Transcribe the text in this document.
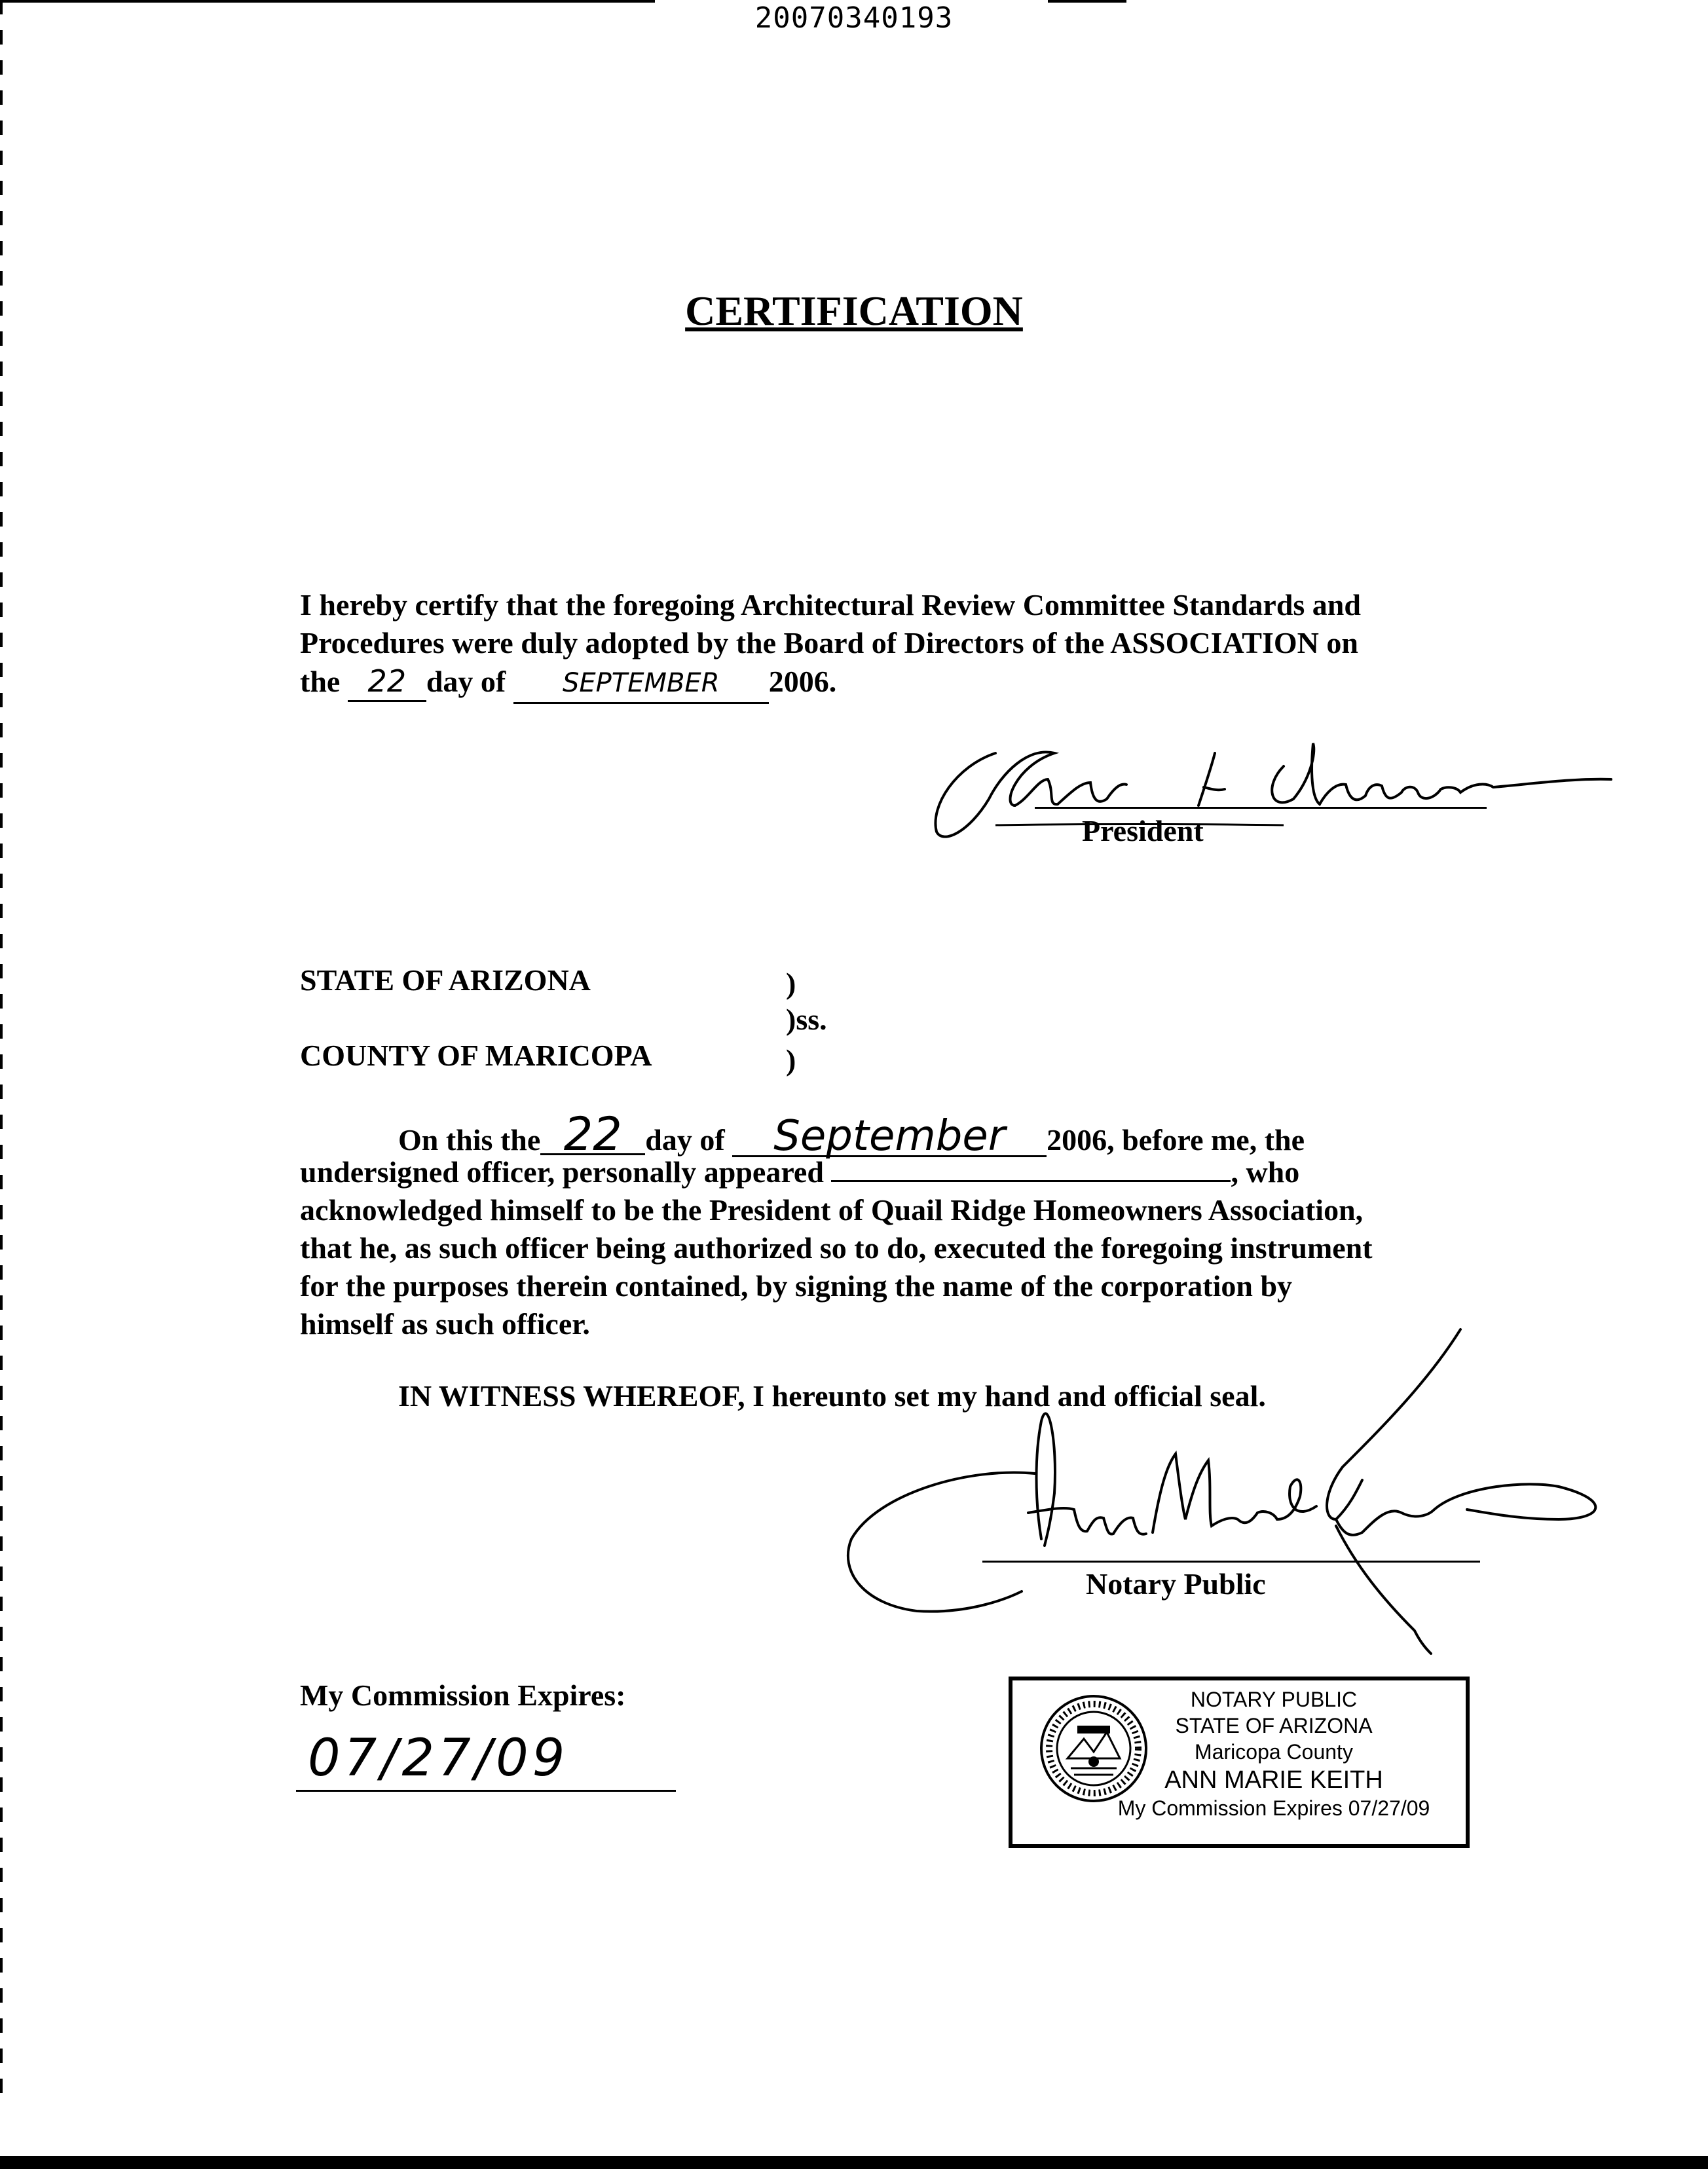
20070340193
CERTIFICATION
I hereby certify that the foregoing Architectural Review Committee Standards and
Procedures were duly adopted by the Board of Directors of the ASSOCIATION on
the 22 day of SEPTEMBER 2006.
President
STATE OF ARIZONA	)
)ss.
COUNTY OF MARICOPA	)
On this the 22 day of September 2006, before me, the
undersigned officer, personally appeared	, who
acknowledged himself to be the President of Quail Ridge Homeowners Association,
that he, as such officer being authorized so to do, executed the foregoing instrument
for the purposes therein contained, by signing the name of the corporation by
himself as such officer.
IN WITNESS WHEREOF, I hereunto set my hand and official seal.
Notary Public
My Commission Expires:
07/27/09
NOTARY PUBLIC
STATE OF ARIZONA
Maricopa County
ANN MARIE KEITH
My Commission Expires 07/27/09
